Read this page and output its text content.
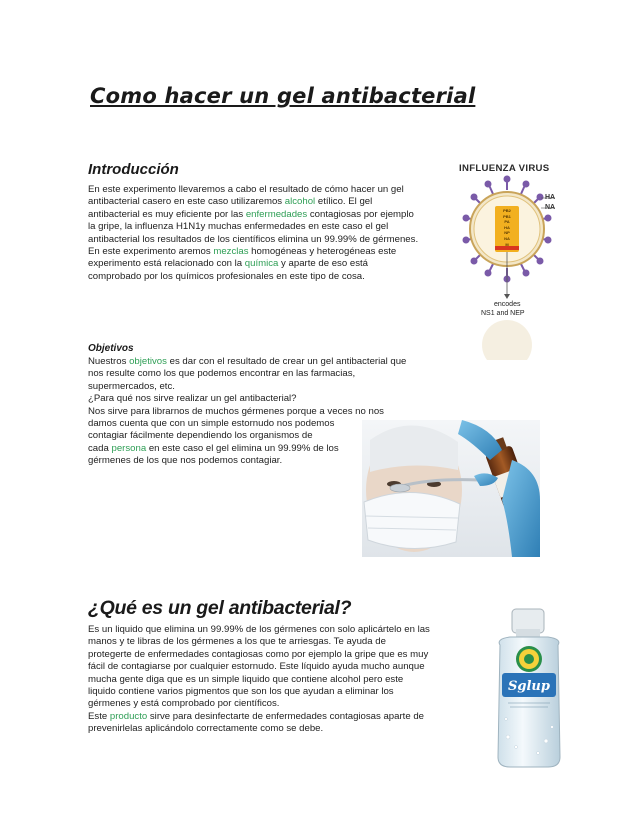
Como hacer un gel antibacterial
Introducción

En este experimento llevaremos a cabo el resultado de cómo hacer un gel

antibacterial casero en este caso utilizaremos alcohol etílico. El gel

antibacterial es muy eficiente por las enfermedades contagiosas por ejemplo

la gripe, la influenza H1N1y muchas enfermedades en este caso el gel

antibacterial los resultados de los científicos elimina un 99.99% de gérmenes.

En este experimento aremos mezclas homogéneas y heterogéneas este

experimento está relacionado con la química y aparte de eso está

comprobado por los químicos profesionales en este tipo de cosa.

INFLUENZA VIRUS
HA
NA
PB2
PB1
PA
HA
NP
NA
M
encodes
NS1 and NEP
Objetivos

Nuestros objetivos es dar con el resultado de crear un gel antibacterial que

nos resulte como los que podemos encontrar en las farmacias,

supermercados, etc.

¿Para qué nos sirve realizar un gel antibacterial?

Nos sirve para librarnos de muchos gérmenes porque a veces no nos

damos cuenta que con un simple estornudo nos podemos

contagiar fácilmente dependiendo los organismos de

cada persona en este caso el gel elimina un 99.99% de los

gérmenes de los que nos podemos contagiar.

¿Qué es un gel antibacterial?

Es un liquido que elimina un 99.99% de los gérmenes con solo aplicártelo en las

manos y te libras de los gérmenes a los que te arriesgas. Te ayuda de

protegerte de enfermedades contagiosas como por ejemplo la gripe que es muy

fácil de contagiarse por cualquier estornudo. Este líquido ayuda mucho aunque

mucha gente diga que es un simple liquido que contiene alcohol pero este

liquido contiene varios pigmentos que son los que ayudan a eliminar los

gérmenes y está comprobado por científicos.

Este producto sirve para desinfectarte de enfermedades contagiosas aparte de

prevenirlelas aplicándolo correctamente como se debe.

Sglup
